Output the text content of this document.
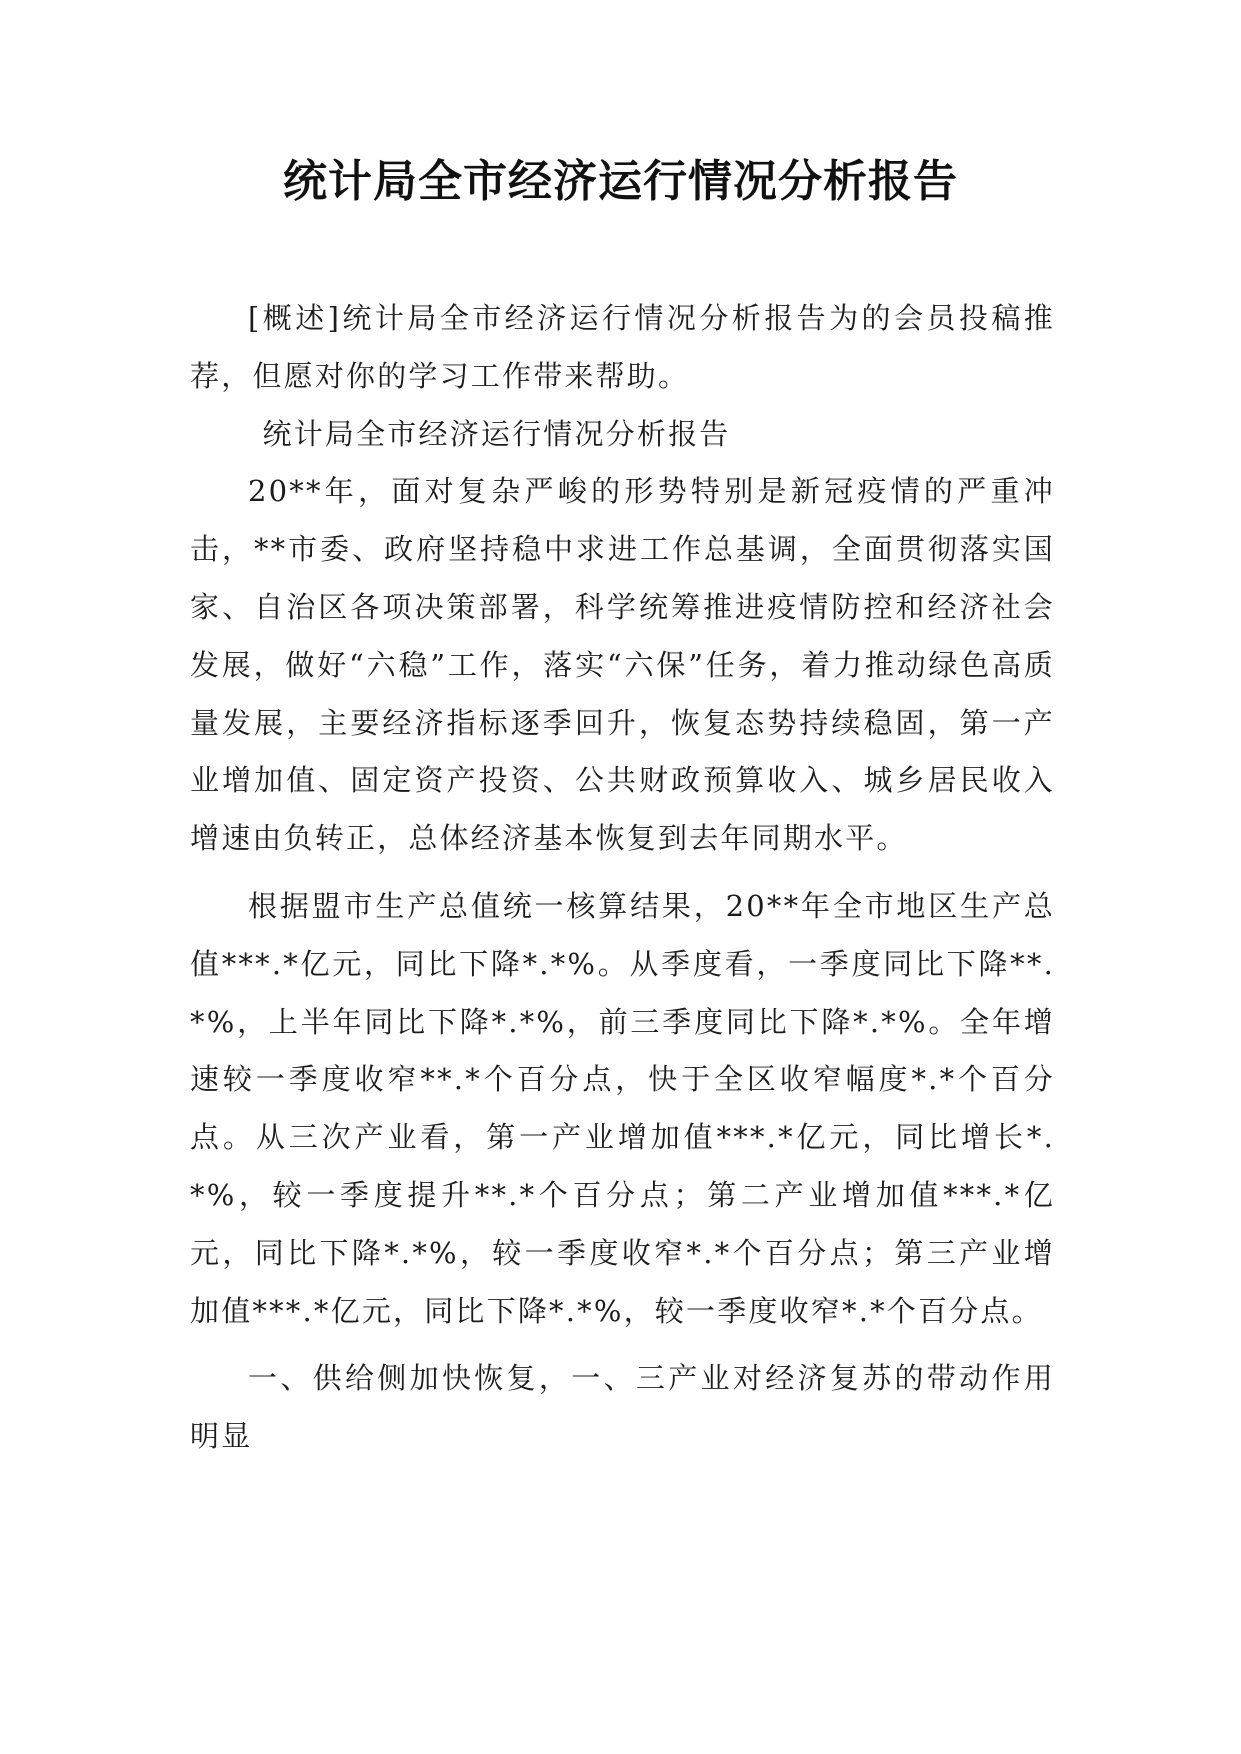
统计局全市经济运行情况分析报告

[概述]统计局全市经济运行情况分析报告为的会员投稿推荐，但愿对你的学习工作带来帮助。

统计局全市经济运行情况分析报告

20**年，面对复杂严峻的形势特别是新冠疫情的严重冲击，**市委、政府坚持稳中求进工作总基调，全面贯彻落实国家、自治区各项决策部署，科学统筹推进疫情防控和经济社会发展，做好“六稳”工作，落实“六保”任务，着力推动绿色高质量发展，主要经济指标逐季回升，恢复态势持续稳固，第一产业增加值、固定资产投资、公共财政预算收入、城乡居民收入增速由负转正，总体经济基本恢复到去年同期水平。

根据盟市生产总值统一核算结果，20**年全市地区生产总值***.*亿元，同比下降*.*%。从季度看，一季度同比下降**.*%，上半年同比下降*.*%，前三季度同比下降*.*%。全年增速较一季度收窄**.*个百分点，快于全区收窄幅度*.*个百分点。从三次产业看，第一产业增加值***.*亿元，同比增长*.*%，较一季度提升**.*个百分点；第二产业增加值***.*亿元，同比下降*.*%，较一季度收窄*.*个百分点；第三产业增加值***.*亿元，同比下降*.*%，较一季度收窄*.*个百分点。

一、供给侧加快恢复，一、三产业对经济复苏的带动作用明显
